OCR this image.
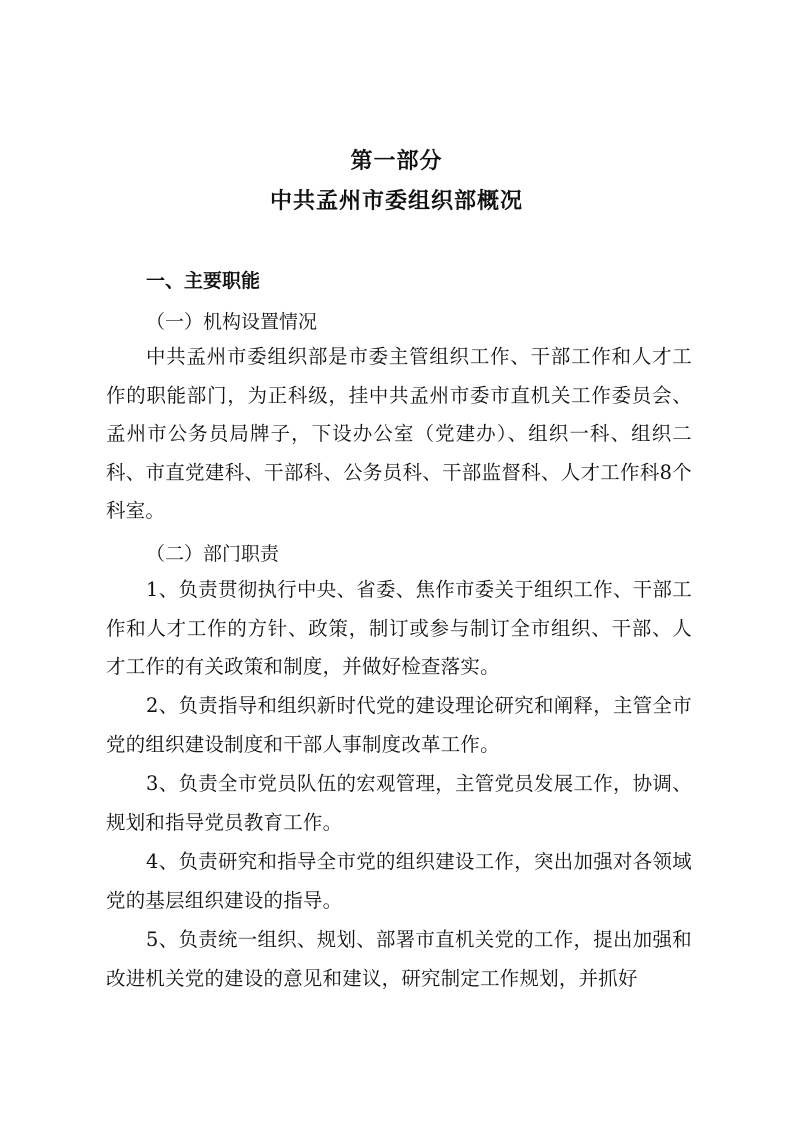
第一部分
中共孟州市委组织部概况
一、主要职能
（一）机构设置情况
中共孟州市委组织部是市委主管组织工作、干部工作和人才工作的职能部门，为正科级，挂中共孟州市委市直机关工作委员会、孟州市公务员局牌子，下设办公室（党建办）、组织一科、组织二科、市直党建科、干部科、公务员科、干部监督科、人才工作科8个科室。
（二）部门职责
1、负责贯彻执行中央、省委、焦作市委关于组织工作、干部工作和人才工作的方针、政策，制订或参与制订全市组织、干部、人才工作的有关政策和制度，并做好检查落实。
2、负责指导和组织新时代党的建设理论研究和阐释，主管全市党的组织建设制度和干部人事制度改革工作。
3、负责全市党员队伍的宏观管理，主管党员发展工作，协调、规划和指导党员教育工作。
4、负责研究和指导全市党的组织建设工作，突出加强对各领域党的基层组织建设的指导。
5、负责统一组织、规划、部署市直机关党的工作，提出加强和改进机关党的建设的意见和建议，研究制定工作规划，并抓好
